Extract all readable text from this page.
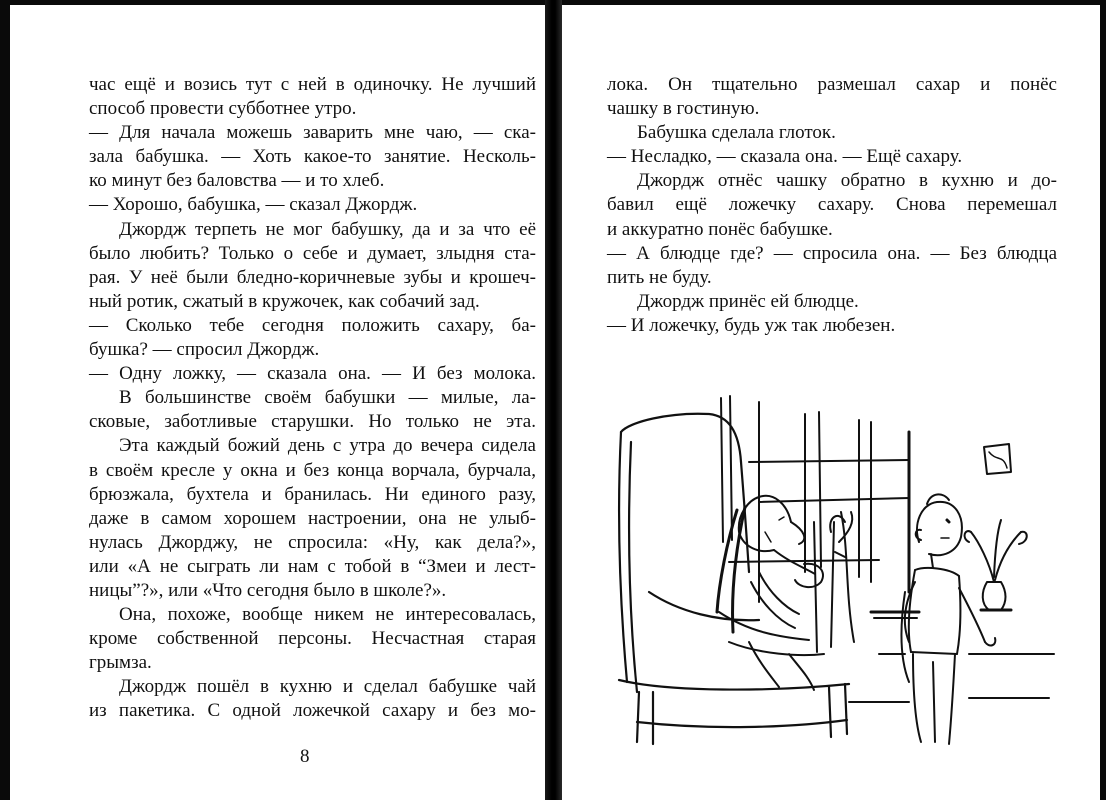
час ещё и возись тут с ней в одиночку. Не лучший
способ провести субботнее утро.
— Для начала можешь заварить мне чаю, — ска-
зала бабушка. — Хоть какое-то занятие. Несколь-
ко минут без баловства — и то хлеб.
— Хорошо, бабушка, — сказал Джордж.
Джордж терпеть не мог бабушку, да и за что её
было любить? Только о себе и думает, злыдня ста-
рая. У неё были бледно-коричневые зубы и крошеч-
ный ротик, сжатый в кружочек, как собачий зад.
— Сколько тебе сегодня положить сахару, ба-
бушка? — спросил Джордж.
— Одну ложку, — сказала она. — И без молока.
В большинстве своём бабушки — милые, ла-
сковые, заботливые старушки. Но только не эта.
Эта каждый божий день с утра до вечера сидела
в своём кресле у окна и без конца ворчала, бурчала,
брюзжала, бухтела и бранилась. Ни единого разу,
даже в самом хорошем настроении, она не улыб-
нулась Джорджу, не спросила: «Ну, как дела?»,
или «А не сыграть ли нам с тобой в “Змеи и лест-
ницы”?», или «Что сегодня было в школе?».
Она, похоже, вообще никем не интересовалась,
кроме собственной персоны. Несчастная старая
грымза.
Джордж пошёл в кухню и сделал бабушке чай
из пакетика. С одной ложечкой сахару и без мо-
8
лока. Он тщательно размешал сахар и понёс
чашку в гостиную.
Бабушка сделала глоток.
— Несладко, — сказала она. — Ещё сахару.
Джордж отнёс чашку обратно в кухню и до-
бавил ещё ложечку сахару. Снова перемешал
и аккуратно понёс бабушке.
— А блюдце где? — спросила она. — Без блюдца
пить не буду.
Джордж принёс ей блюдце.
— И ложечку, будь уж так любезен.
